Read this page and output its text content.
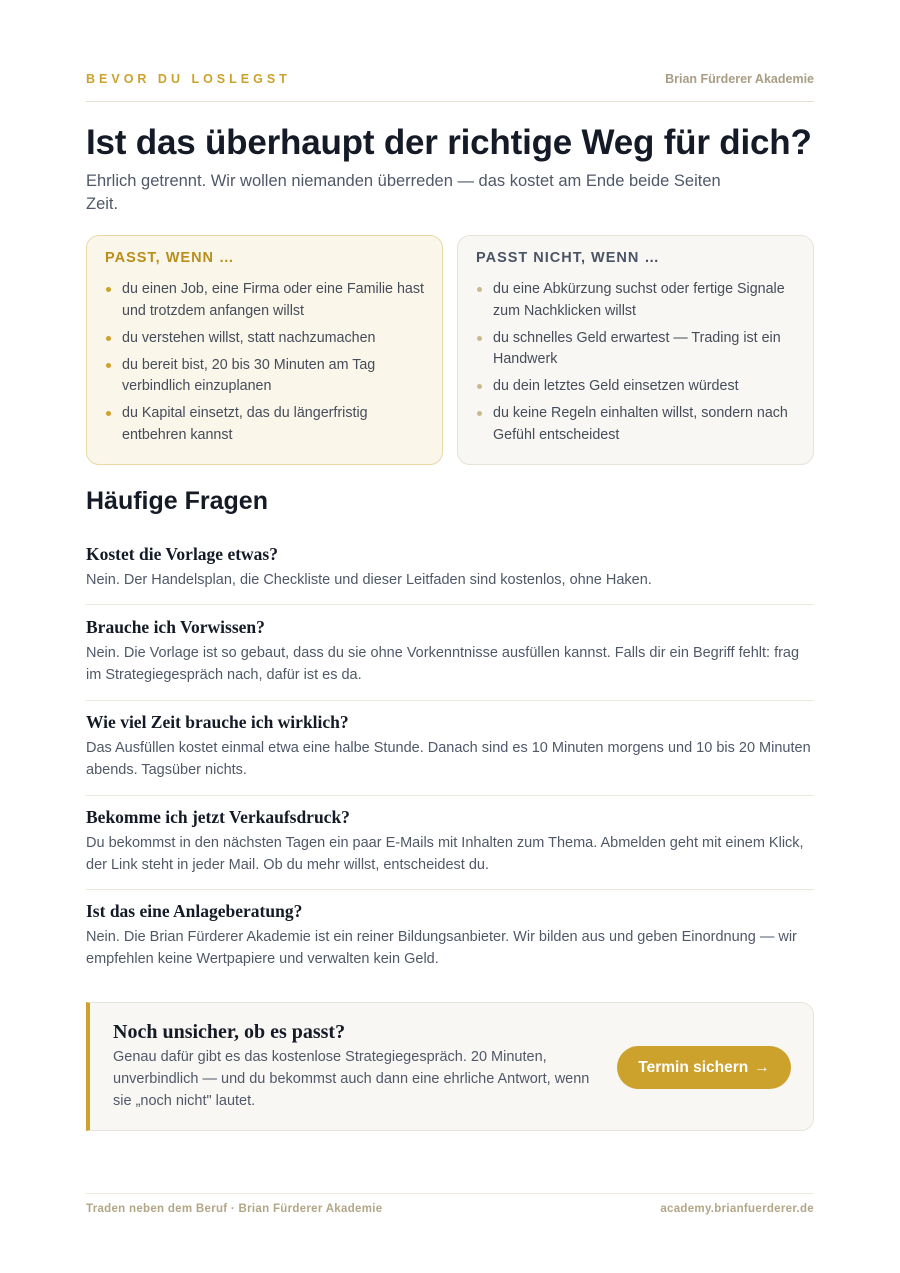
BEVOR DU LOSLEGST	Brian Fürderer Akademie
Ist das überhaupt der richtige Weg für dich?

Ehrlich getrennt. Wir wollen niemanden überreden — das kostet am Ende beide Seiten Zeit.

PASST, WENN …
du einen Job, eine Firma oder eine Familie hast und trotzdem anfangen willst
du verstehen willst, statt nachzumachen
du bereit bist, 20 bis 30 Minuten am Tag verbindlich einzuplanen
du Kapital einsetzt, das du längerfristig entbehren kannst
PASST NICHT, WENN …
du eine Abkürzung suchst oder fertige Signale zum Nachklicken willst
du schnelles Geld erwartest — Trading ist ein Handwerk
du dein letztes Geld einsetzen würdest
du keine Regeln einhalten willst, sondern nach Gefühl entscheidest
Häufige Fragen
Kostet die Vorlage etwas?
Nein. Der Handelsplan, die Checkliste und dieser Leitfaden sind kostenlos, ohne Haken.
Brauche ich Vorwissen?
Nein. Die Vorlage ist so gebaut, dass du sie ohne Vorkenntnisse ausfüllen kannst. Falls dir ein Begriff fehlt: frag im Strategiegespräch nach, dafür ist es da.
Wie viel Zeit brauche ich wirklich?
Das Ausfüllen kostet einmal etwa eine halbe Stunde. Danach sind es 10 Minuten morgens und 10 bis 20 Minuten abends. Tagsüber nichts.
Bekomme ich jetzt Verkaufsdruck?
Du bekommst in den nächsten Tagen ein paar E-Mails mit Inhalten zum Thema. Abmelden geht mit einem Klick, der Link steht in jeder Mail. Ob du mehr willst, entscheidest du.
Ist das eine Anlageberatung?
Nein. Die Brian Fürderer Akademie ist ein reiner Bildungsanbieter. Wir bilden aus und geben Einordnung — wir empfehlen keine Wertpapiere und verwalten kein Geld.
Noch unsicher, ob es passt?
Genau dafür gibt es das kostenlose Strategiegespräch. 20 Minuten, unverbindlich — und du bekommst auch dann eine ehrliche Antwort, wenn sie „noch nicht" lautet.
Termin sichern →
Traden neben dem Beruf · Brian Fürderer Akademie	academy.brianfuerderer.de
